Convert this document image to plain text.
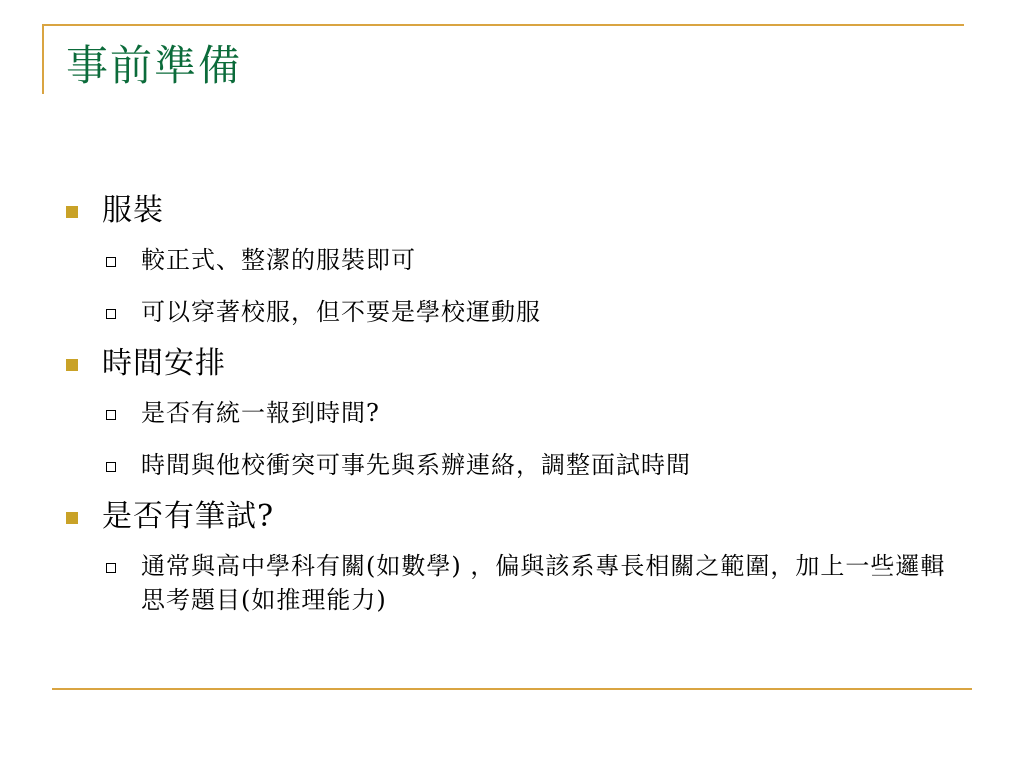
事前準備
服裝
較正式、整潔的服裝即可
可以穿著校服，但不要是學校運動服
時間安排
是否有統一報到時間?
時間與他校衝突可事先與系辦連絡，調整面試時間
是否有筆試?
通常與高中學科有關(如數學) ，偏與該系專長相關之範圍，加上一些邏輯思考題目(如推理能力)
